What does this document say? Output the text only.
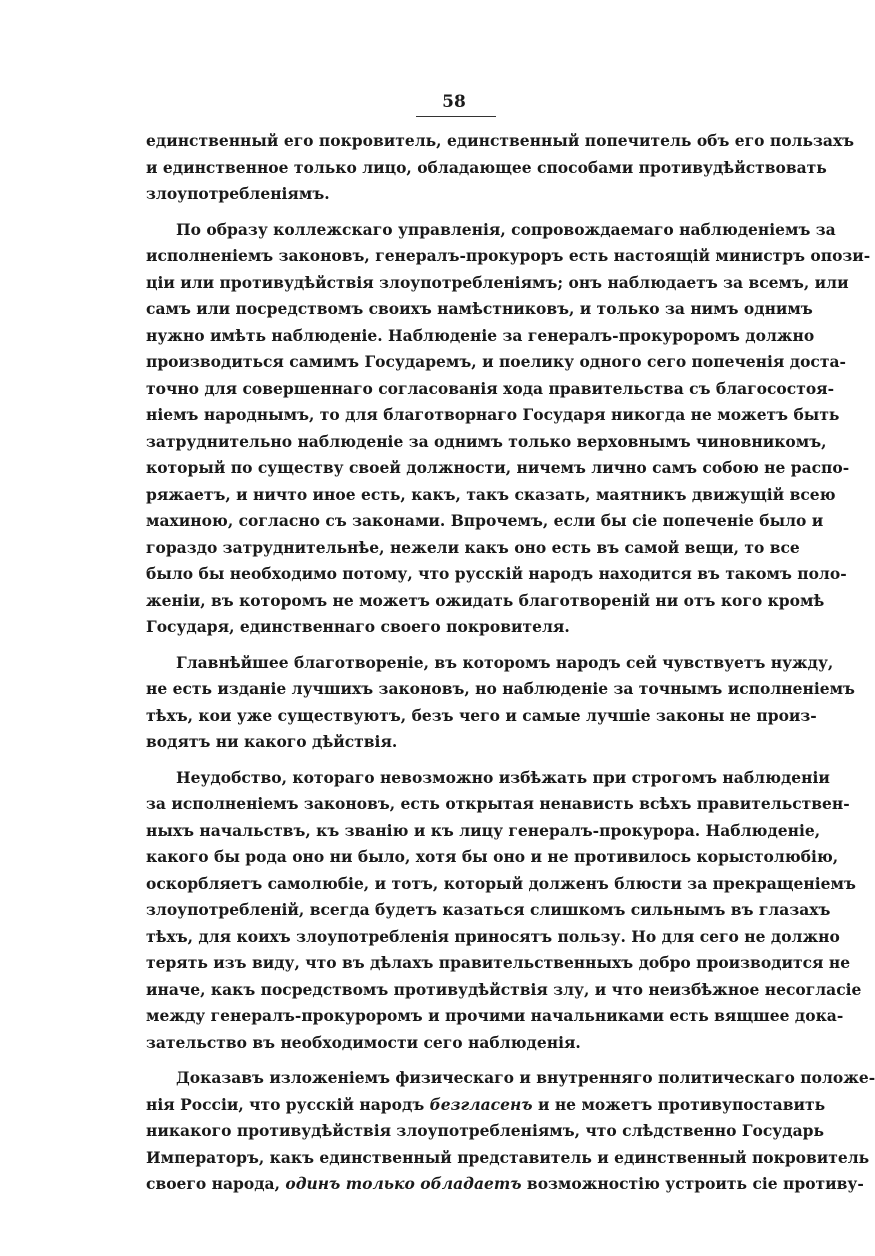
58
единственный его покровитель, единственный попечитель объ его пользахъ
и единственное только лицо, обладающее способами противудѣйствовать
злоупотребленіямъ.
По образу коллежскаго управленія, сопровождаемаго наблюденіемъ за
исполненіемъ законовъ, генералъ-прокуроръ есть настоящій министръ опози-
ціи или противудѣйствія злоупотребленіямъ; онъ наблюдаетъ за всемъ, или
самъ или посредствомъ своихъ намѣстниковъ, и только за нимъ однимъ
нужно имѣть наблюденіе. Наблюденіе за генералъ-прокуроромъ должно
производиться самимъ Государемъ, и поелику одного сего попеченія доста-
точно для совершеннаго согласованія хода правительства съ благосостоя-
ніемъ народнымъ, то для благотворнаго Государя никогда не можетъ быть
затруднительно наблюденіе за однимъ только верховнымъ чиновникомъ,
который по существу своей должности, ничемъ лично самъ собою не распо-
ряжаетъ, и ничто иное есть, какъ, такъ сказать, маятникъ движущій всею
махиною, согласно съ законами. Впрочемъ, если бы сіе попеченіе было и
гораздо затруднительнѣе, нежели какъ оно есть въ самой вещи, то все
было бы необходимо потому, что русскій народъ находится въ такомъ поло-
женіи, въ которомъ не можетъ ожидать благотвореній ни отъ кого кромѣ
Государя, единственнаго своего покровителя.
Главнѣйшее благотвореніе, въ которомъ народъ сей чувствуетъ нужду,
не есть изданіе лучшихъ законовъ, но наблюденіе за точнымъ исполненіемъ
тѣхъ, кои уже существуютъ, безъ чего и самые лучшіе законы не произ-
водятъ ни какого дѣйствія.
Неудобство, котораго невозможно избѣжать при строгомъ наблюденіи
за исполненіемъ законовъ, есть открытая ненависть всѣхъ правительствен-
ныхъ начальствъ, къ званію и къ лицу генералъ-прокурора. Наблюденіе,
какого бы рода оно ни было, хотя бы оно и не противилось корыстолюбію,
оскорбляетъ самолюбіе, и тотъ, который долженъ блюсти за прекращеніемъ
злоупотребленій, всегда будетъ казаться слишкомъ сильнымъ въ глазахъ
тѣхъ, для коихъ злоупотребленія приносятъ пользу. Но для сего не должно
терять изъ виду, что въ дѣлахъ правительственныхъ добро производится не
иначе, какъ посредствомъ противудѣйствія злу, и что неизбѣжное несогласіе
между генералъ-прокуроромъ и прочими начальниками есть вящшее дока-
зательство въ необходимости сего наблюденія.
Доказавъ изложеніемъ физическаго и внутренняго политическаго положе-
нія Россіи, что русскій народъ безгласенъ и не можетъ противупоставить
никакого противудѣйствія злоупотребленіямъ, что слѣдственно Государь
Императоръ, какъ единственный представитель и единственный покровитель
своего народа, одинъ только обладаетъ возможностію устроить сіе противу-
